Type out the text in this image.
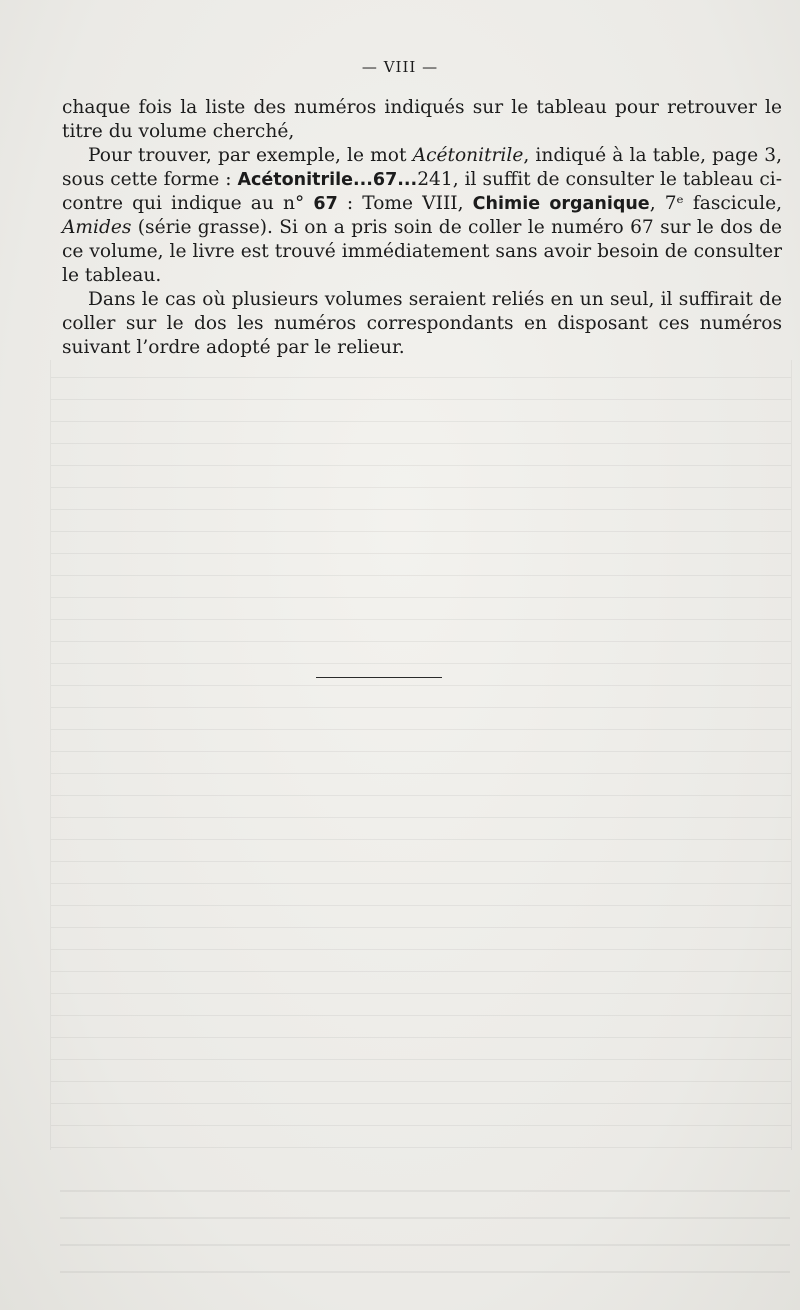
— VIII —

chaque fois la liste des numéros indiqués sur le tableau pour retrouver le titre du volume cherché,

Pour trouver, par exemple, le mot Acétonitrile, indiqué à la table, page 3, sous cette forme : Acétonitrile...67...241, il suffit de consulter le tableau ci-contre qui indique au n° 67 : Tome VIII, Chimie organique, 7ᵉ fascicule, Amides (série grasse). Si on a pris soin de coller le numéro 67 sur le dos de ce volume, le livre est trouvé immédiatement sans avoir besoin de consulter le tableau.

Dans le cas où plusieurs volumes seraient reliés en un seul, il suffirait de coller sur le dos les numéros correspondants en disposant ces numéros suivant l’ordre adopté par le relieur.
